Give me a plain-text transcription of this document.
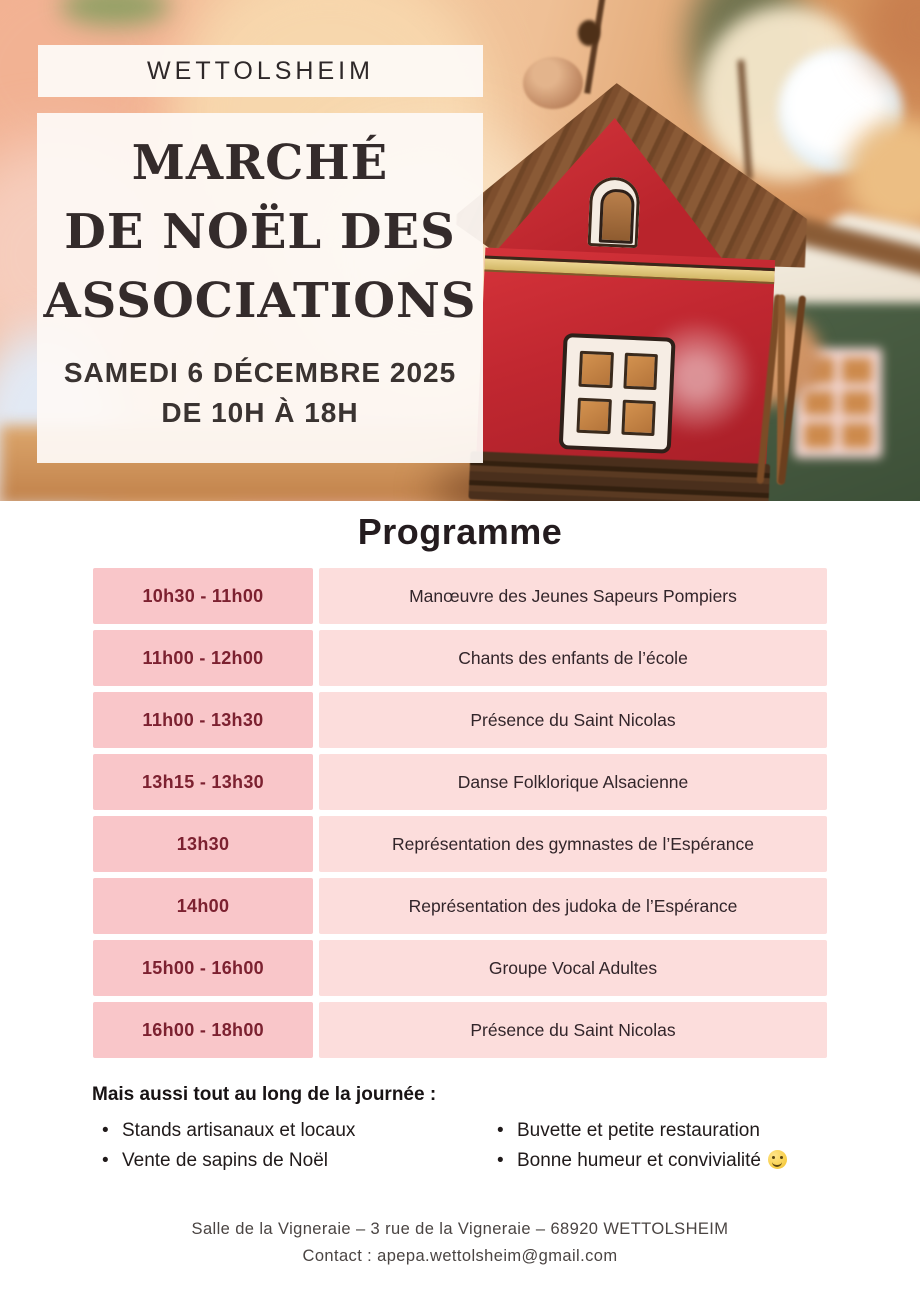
WETTOLSHEIM
MARCHÉ
DE NOËL DES
ASSOCIATIONS
SAMEDI 6 DÉCEMBRE 2025
DE 10H À 18H
Programme
10h30 - 11h00	Manœuvre des Jeunes Sapeurs Pompiers
11h00 - 12h00	Chants des enfants de l’école
11h00 - 13h30	Présence du Saint Nicolas
13h15 - 13h30	Danse Folklorique Alsacienne
13h30	Représentation des gymnastes de l’Espérance
14h00	Représentation des judoka de l’Espérance
15h00 - 16h00	Groupe Vocal Adultes
16h00 - 18h00	Présence du Saint Nicolas
Mais aussi tout au long de la journée :
• Stands artisanaux et locaux
• Vente de sapins de Noël
• Buvette et petite restauration
• Bonne humeur et convivialité
Salle de la Vigneraie – 3 rue de la Vigneraie – 68920 WETTOLSHEIM
Contact : apepa.wettolsheim@gmail.com
